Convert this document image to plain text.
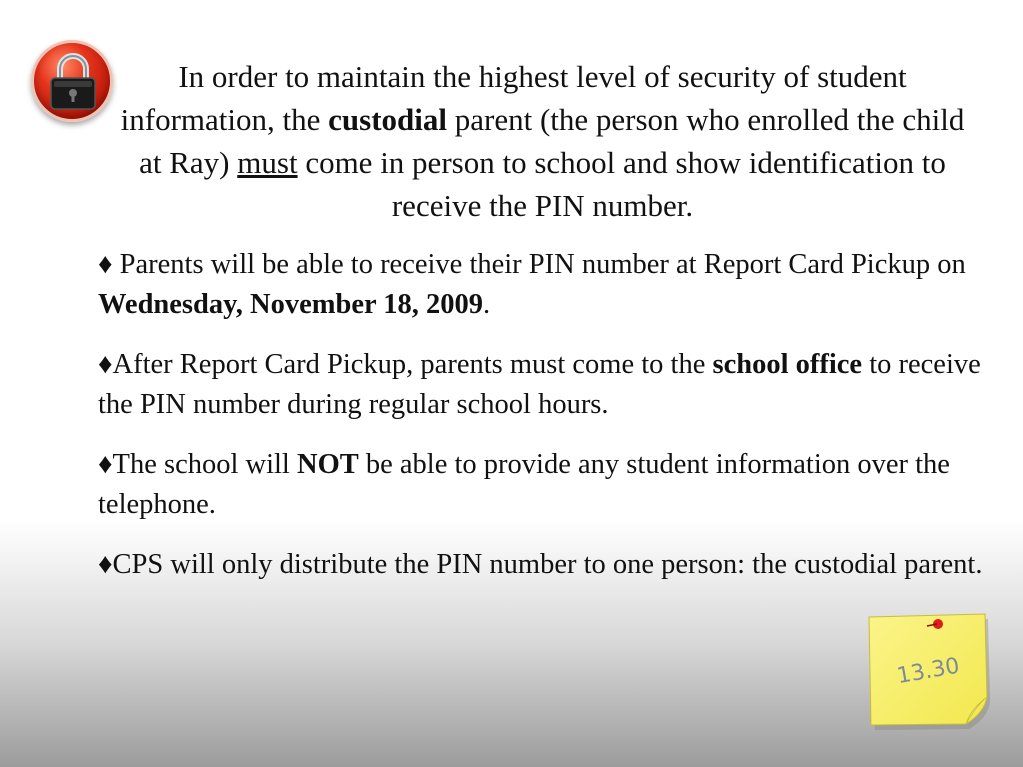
In order to maintain the highest level of security of student information, the custodial parent (the person who enrolled the child at Ray) must come in person to school and show identification to receive the PIN number.

♦ Parents will be able to receive their PIN number at Report Card Pickup on Wednesday, November 18, 2009.

♦After Report Card Pickup, parents must come to the school office to receive the PIN number during regular school hours.

♦The school will NOT be able to provide any student information over the telephone.

♦CPS will only distribute the PIN number to one person: the custodial parent.

13.30
